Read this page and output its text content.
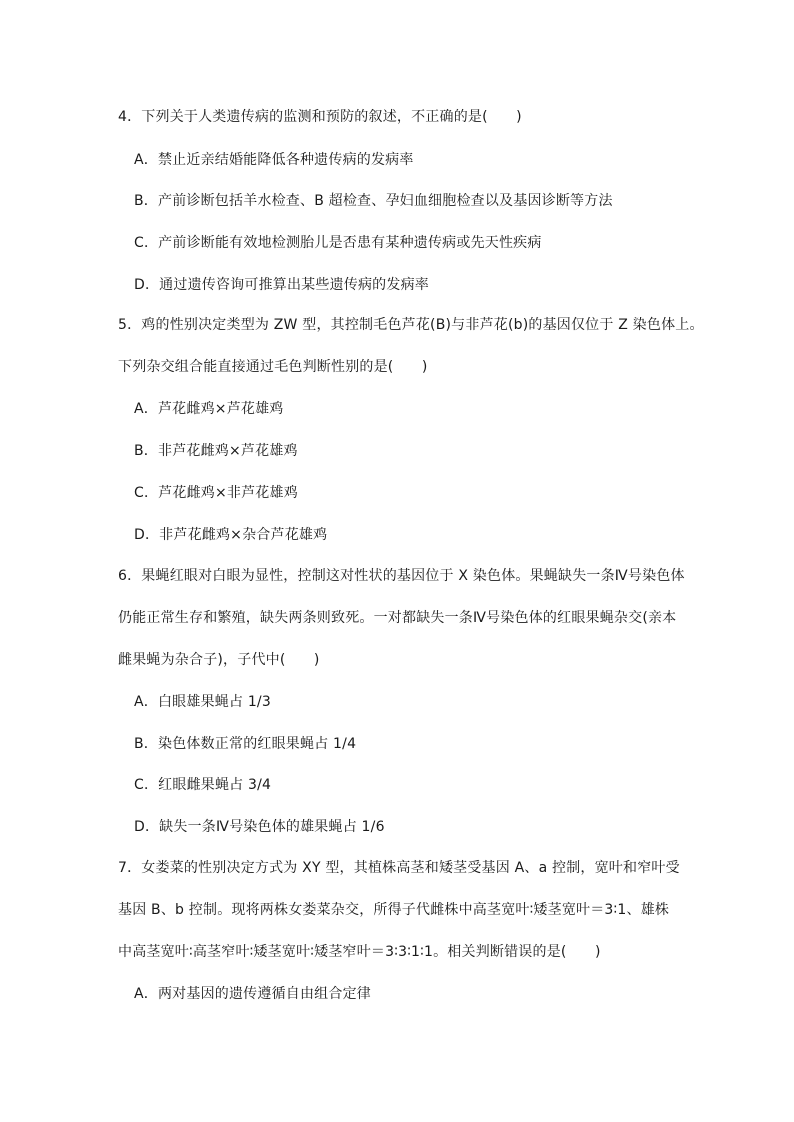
4．下列关于人类遗传病的监测和预防的叙述，不正确的是(　　)
A．禁止近亲结婚能降低各种遗传病的发病率
B．产前诊断包括羊水检查、B 超检查、孕妇血细胞检查以及基因诊断等方法
C．产前诊断能有效地检测胎儿是否患有某种遗传病或先天性疾病
D．通过遗传咨询可推算出某些遗传病的发病率
5．鸡的性别决定类型为 ZW 型，其控制毛色芦花(B)与非芦花(b)的基因仅位于 Z 染色体上。
下列杂交组合能直接通过毛色判断性别的是(　　)
A．芦花雌鸡×芦花雄鸡
B．非芦花雌鸡×芦花雄鸡
C．芦花雌鸡×非芦花雄鸡
D．非芦花雌鸡×杂合芦花雄鸡
6．果蝇红眼对白眼为显性，控制这对性状的基因位于 X 染色体。果蝇缺失一条Ⅳ号染色体
仍能正常生存和繁殖，缺失两条则致死。一对都缺失一条Ⅳ号染色体的红眼果蝇杂交(亲本
雌果蝇为杂合子)，子代中(　　)
A．白眼雄果蝇占 1/3
B．染色体数正常的红眼果蝇占 1/4
C．红眼雌果蝇占 3/4
D．缺失一条Ⅳ号染色体的雄果蝇占 1/6
7．女娄菜的性别决定方式为 XY 型，其植株高茎和矮茎受基因 A、a 控制，宽叶和窄叶受
基因 B、b 控制。现将两株女娄菜杂交，所得子代雌株中高茎宽叶∶矮茎宽叶＝3∶1、雄株
中高茎宽叶∶高茎窄叶∶矮茎宽叶∶矮茎窄叶＝3∶3∶1∶1。相关判断错误的是(　　)
A．两对基因的遗传遵循自由组合定律
